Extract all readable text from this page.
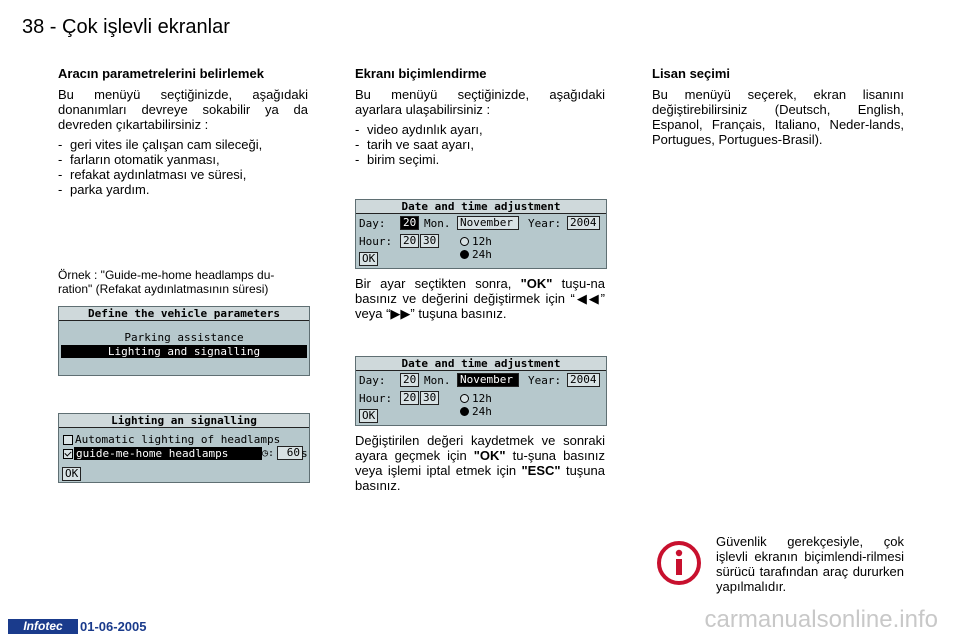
38 - Çok işlevli ekranlar
Aracın parametrelerini belirlemek

Bu menüyü seçtiğinizde, aşağıdaki donanımları devreye sokabilir ya da devreden çıkartabilirsiniz :

- geri vites ile çalışan cam sileceği,
- farların otomatik yanması,
- refakat aydınlatması ve süresi,
- parka yardım.
Örnek : "Guide-me-home headlamps du-ration" (Refakat aydınlatmasının süresi)
Define the vehicle parameters
Parking assistance
Lighting and signalling
Lighting an signalling
Automatic lighting of headlamps
guide-me-home headlamps	◷:	60 s
OK
Ekranı biçimlendirme

Bu menüyü seçtiğinizde, aşağıdaki ayarlara ulaşabilirsiniz :

- video aydınlık ayarı,
- tarih ve saat ayarı,
- birim seçimi.
Date and time adjustment
Day: 20 Mon. November	Year: 2004
Hour: 20 30	12h
24h
OK

Bir ayar seçtikten sonra, "OK" tuşu-na basınız ve değerini değiştirmek için “◀◀” veya “▶▶” tuşuna basınız.

Date and time adjustment
Day: 20 Mon. November	Year: 2004
Hour: 20 30	12h
24h
OK

Değiştirilen değeri kaydetmek ve sonraki ayara geçmek için "OK" tu-şuna basınız veya işlemi iptal etmek için "ESC" tuşuna basınız.

Lisan seçimi

Bu menüyü seçerek, ekran lisanını değiştirebilirsiniz (Deutsch, English, Espanol, Français, Italiano, Neder-lands, Portugues, Portugues-Brasil).

Güvenlik gerekçesiyle, çok işlevli ekranın biçimlendi-rilmesi sürücü tarafından araç dururken yapılmalıdır.
Infotec	01-06-2005	carmanualsonline.info
